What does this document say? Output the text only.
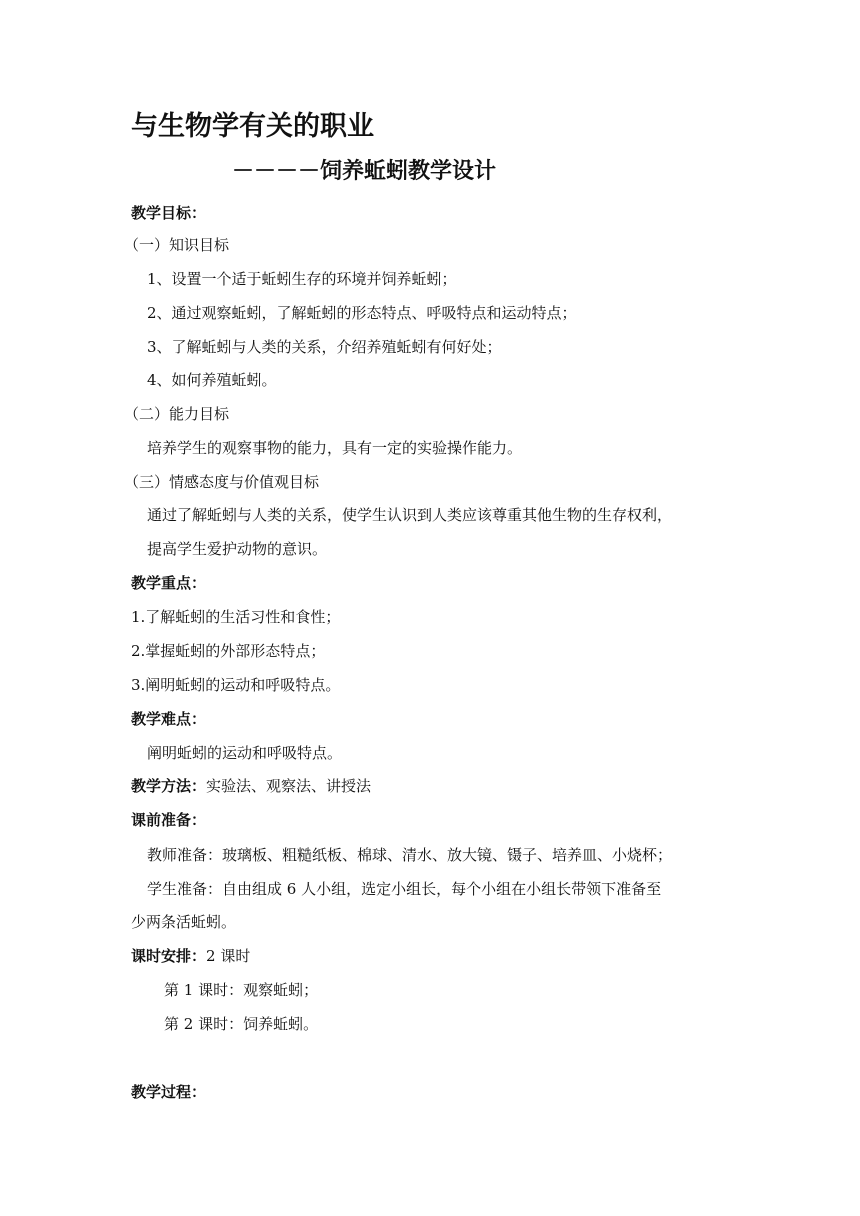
与生物学有关的职业
－－－－饲养蚯蚓教学设计
教学目标：
（一）知识目标
1、设置一个适于蚯蚓生存的环境并饲养蚯蚓；
2、通过观察蚯蚓，了解蚯蚓的形态特点、呼吸特点和运动特点；
3、了解蚯蚓与人类的关系，介绍养殖蚯蚓有何好处；
4、如何养殖蚯蚓。
（二）能力目标
培养学生的观察事物的能力，具有一定的实验操作能力。
（三）情感态度与价值观目标
通过了解蚯蚓与人类的关系，使学生认识到人类应该尊重其他生物的生存权利，
提高学生爱护动物的意识。
教学重点：
1.了解蚯蚓的生活习性和食性；
2.掌握蚯蚓的外部形态特点；
3.阐明蚯蚓的运动和呼吸特点。
教学难点：
阐明蚯蚓的运动和呼吸特点。
教学方法：实验法、观察法、讲授法
课前准备：
教师准备：玻璃板、粗糙纸板、棉球、清水、放大镜、镊子、培养皿、小烧杯；
学生准备：自由组成 6 人小组，选定小组长，每个小组在小组长带领下准备至
少两条活蚯蚓。
课时安排：2 课时
第 1 课时：观察蚯蚓；
第 2 课时：饲养蚯蚓。
教学过程：
